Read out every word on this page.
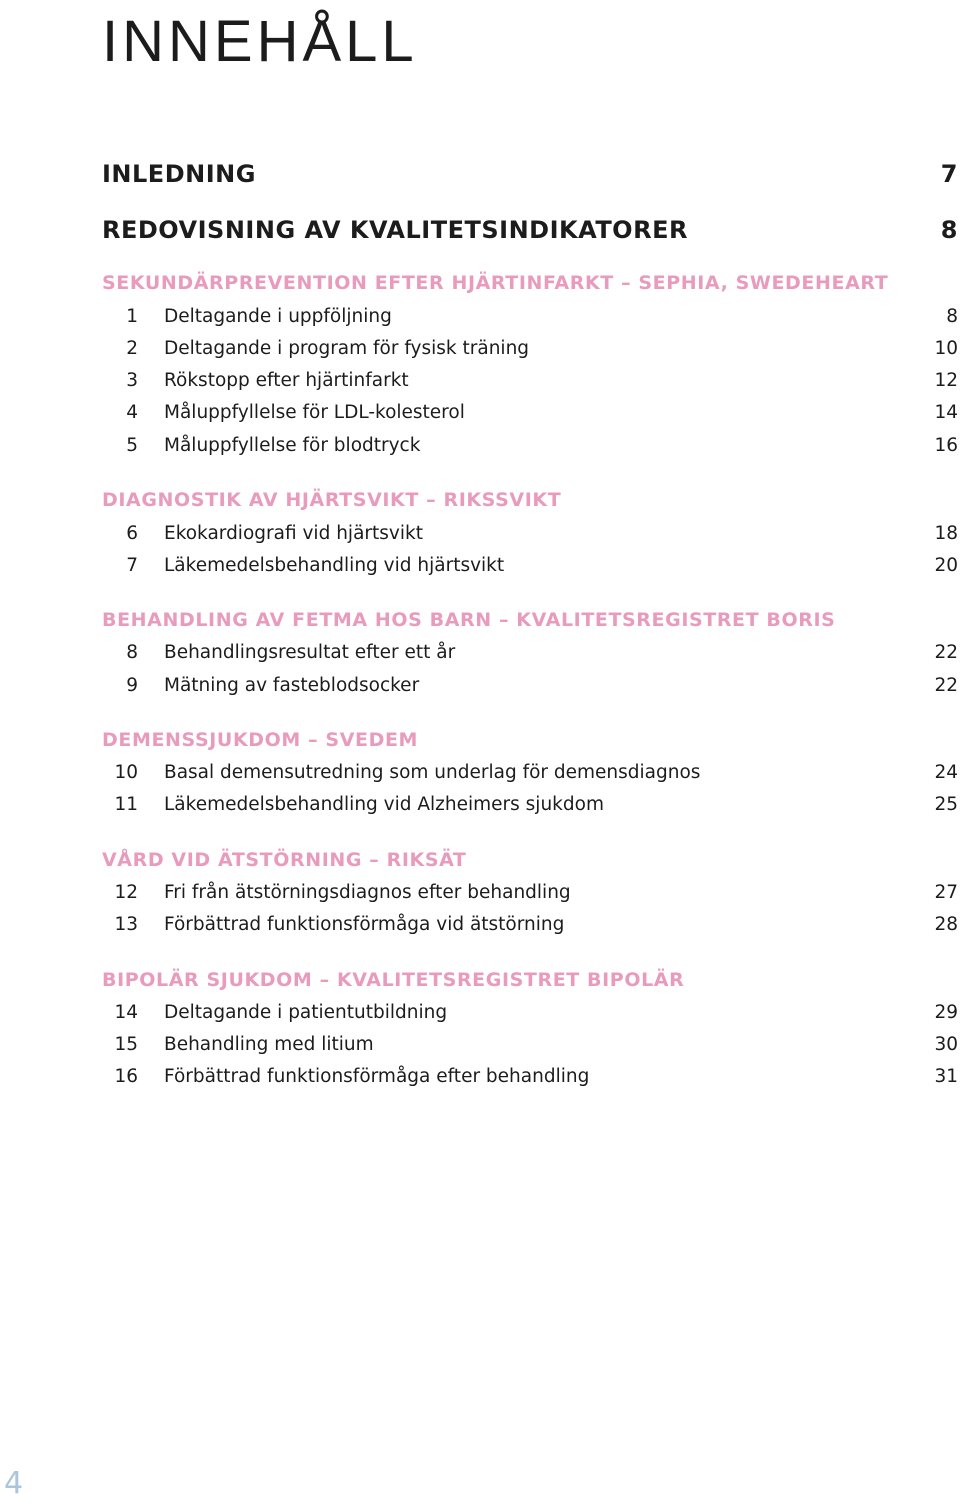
INNEHÅLL
INLEDNING	7
REDOVISNING AV KVALITETSINDIKATORER	8
SEKUNDÄRPREVENTION EFTER HJÄRTINFARKT – SEPHIA, SWEDEHEART
1 Deltagande i uppföljning	8
2 Deltagande i program för fysisk träning	10
3 Rökstopp efter hjärtinfarkt	12
4 Måluppfyllelse för LDL-kolesterol	14
5 Måluppfyllelse för blodtryck	16
DIAGNOSTIK AV HJÄRTSVIKT – RIKSSVIKT
6 Ekokardiografi vid hjärtsvikt	18
7 Läkemedelsbehandling vid hjärtsvikt	20
BEHANDLING AV FETMA HOS BARN – KVALITETSREGISTRET BORIS
8 Behandlingsresultat efter ett år	22
9 Mätning av fasteblodsocker	22
DEMENSSJUKDOM – SVEDEM
10 Basal demensutredning som underlag för demensdiagnos	24
11 Läkemedelsbehandling vid Alzheimers sjukdom	25
VÅRD VID ÄTSTÖRNING – RIKSÄT
12 Fri från ätstörningsdiagnos efter behandling	27
13 Förbättrad funktionsförmåga vid ätstörning	28
BIPOLÄR SJUKDOM – KVALITETSREGISTRET BIPOLÄR
14 Deltagande i patientutbildning	29
15 Behandling med litium	30
16 Förbättrad funktionsförmåga efter behandling	31
4
